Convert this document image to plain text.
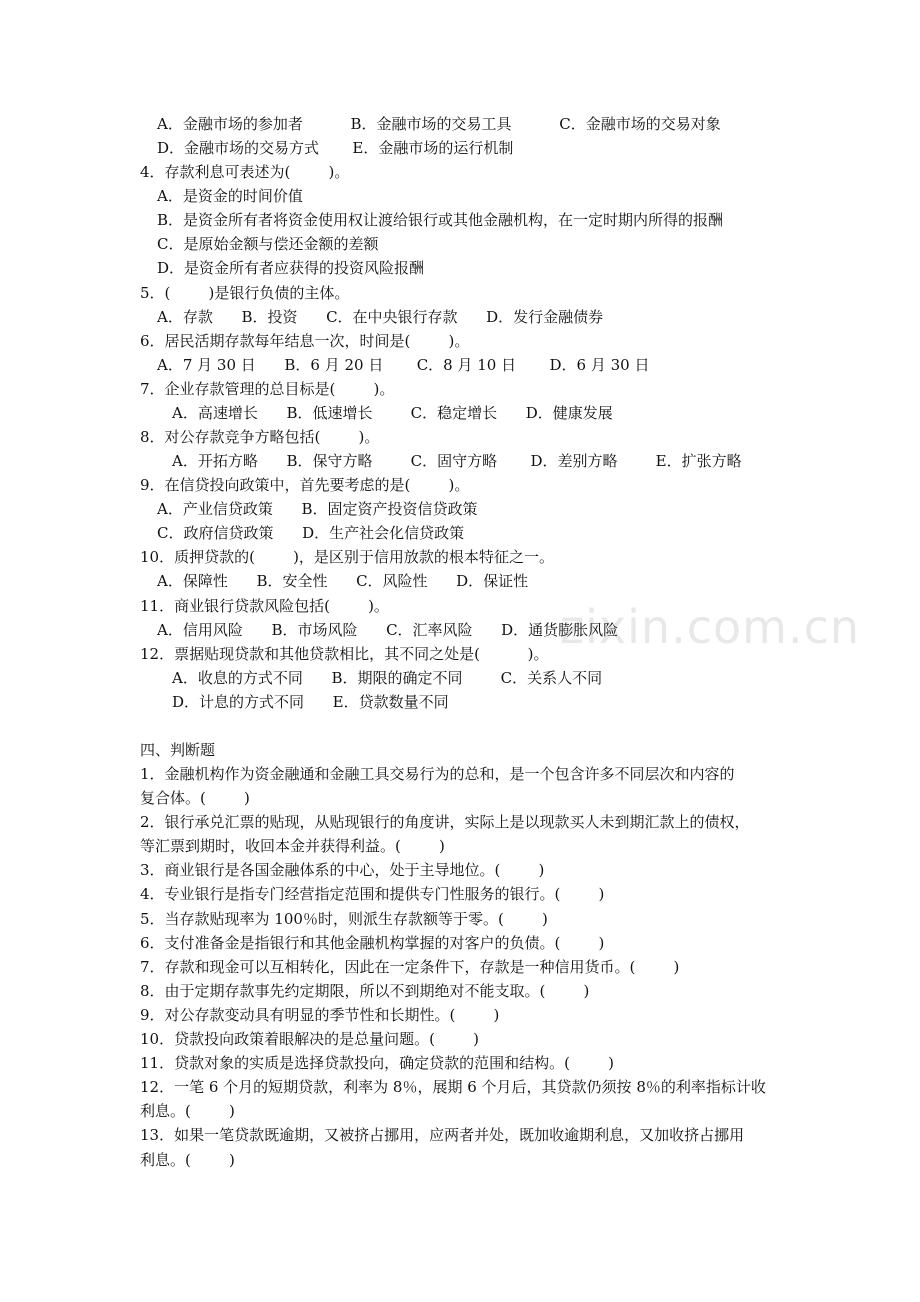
zixin.com.cn
A．金融市场的参加者          B．金融市场的交易工具          C．金融市场的交易对象
D．金融市场的交易方式       E．金融市场的运行机制
4．存款利息可表述为(        )。
A．是资金的时间价值
B．是资金所有者将资金使用权让渡给银行或其他金融机构，在一定时期内所得的报酬
C．是原始金额与偿还金额的差额
D．是资金所有者应获得的投资风险报酬
5．(        )是银行负债的主体。
A．存款      B．投资      C．在中央银行存款      D．发行金融债券
6．居民活期存款每年结息一次，时间是(        )。
A．7 月 30 日      B．6 月 20 日       C．8 月 10 日       D．6 月 30 日
7．企业存款管理的总目标是(        )。
A．高速增长      B．低速增长        C．稳定增长      D．健康发展
8．对公存款竞争方略包括(        )。
A．开拓方略      B．保守方略        C．固守方略       D．差别方略        E．扩张方略
9．在信贷投向政策中，首先要考虑的是(        )。
A．产业信贷政策      B．固定资产投资信贷政策
C．政府信贷政策      D．生产社会化信贷政策
10．质押贷款的(        )，是区别于信用放款的根本特征之一。
A．保障性      B．安全性      C．风险性      D．保证性
11．商业银行贷款风险包括(        )。
A．信用风险      B．市场风险      C．汇率风险      D．通货膨胀风险
12．票据贴现贷款和其他贷款相比，其不同之处是(          )。
A．收息的方式不同      B．期限的确定不同        C．关系人不同
D．计息的方式不同      E．贷款数量不同
四、判断题
1．金融机构作为资金融通和金融工具交易行为的总和，是一个包含许多不同层次和内容的
复合体。(        )
2．银行承兑汇票的贴现，从贴现银行的角度讲，实际上是以现款买人未到期汇款上的债权，
等汇票到期时，收回本金并获得利益。(        )
3．商业银行是各国金融体系的中心，处于主导地位。(        )
4．专业银行是指专门经营指定范围和提供专门性服务的银行。(        )
5．当存款贴现率为 100％时，则派生存款额等于零。(        )
6．支付准备金是指银行和其他金融机构掌握的对客户的负债。(        )
7．存款和现金可以互相转化，因此在一定条件下，存款是一种信用货币。(        )
8．由于定期存款事先约定期限，所以不到期绝对不能支取。(        )
9．对公存款变动具有明显的季节性和长期性。(        )
10．贷款投向政策着眼解决的是总量问题。(        )
11．贷款对象的实质是选择贷款投向，确定贷款的范围和结构。(        )
12．一笔 6 个月的短期贷款，利率为 8％，展期 6 个月后，其贷款仍须按 8％的利率指标计收
利息。(        )
13．如果一笔贷款既逾期，又被挤占挪用，应两者并处，既加收逾期利息，又加收挤占挪用
利息。(        )
